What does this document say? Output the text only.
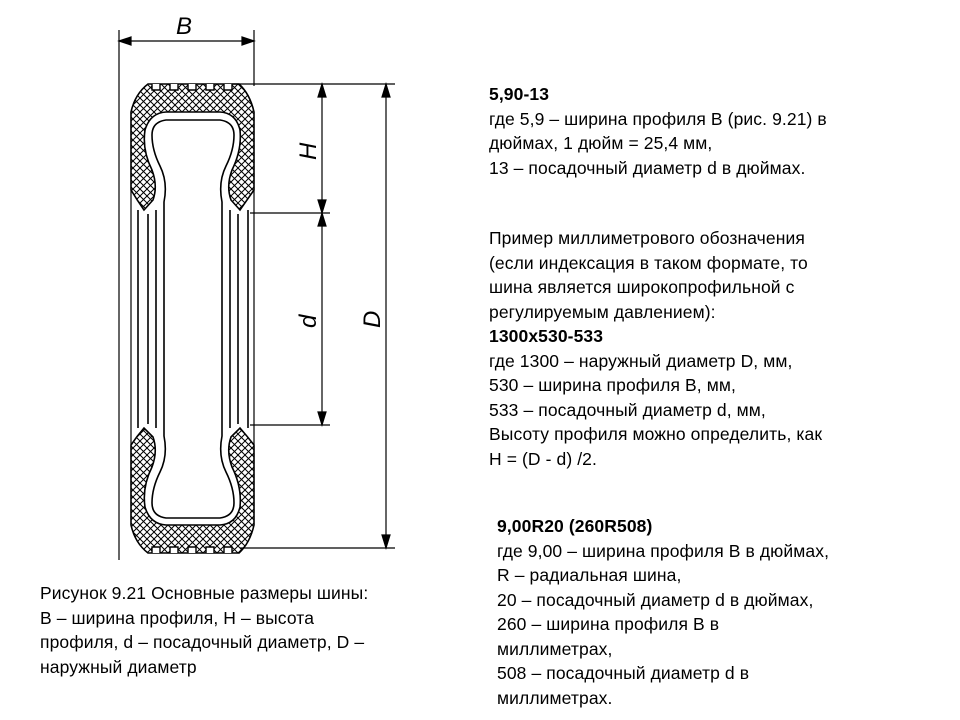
B
H
d D
5,90-13
где 5,9 – ширина профиля В (рис. 9.21) в
дюймах, 1 дюйм = 25,4 мм,
13 – посадочный диаметр d в дюймах.
Пример миллиметрового обозначения
(если индексация в таком формате, то
шина является широкопрофильной с
регулируемым давлением):
1300х530-533
где 1300 – наружный диаметр D, мм,
530 – ширина профиля В, мм,
533 – посадочный диаметр d, мм,
Высоту профиля можно определить, как
Н = (D - d) /2.
9,00R20 (260R508)
где 9,00 – ширина профиля В в дюймах,
R – радиальная шина,
20 – посадочный диаметр d в дюймах,
260 – ширина профиля В в
миллиметрах,
508 – посадочный диаметр d в
миллиметрах.
Рисунок 9.21 Основные размеры шины:
В – ширина профиля, Н – высота
профиля, d – посадочный диаметр, D –
наружный диаметр
